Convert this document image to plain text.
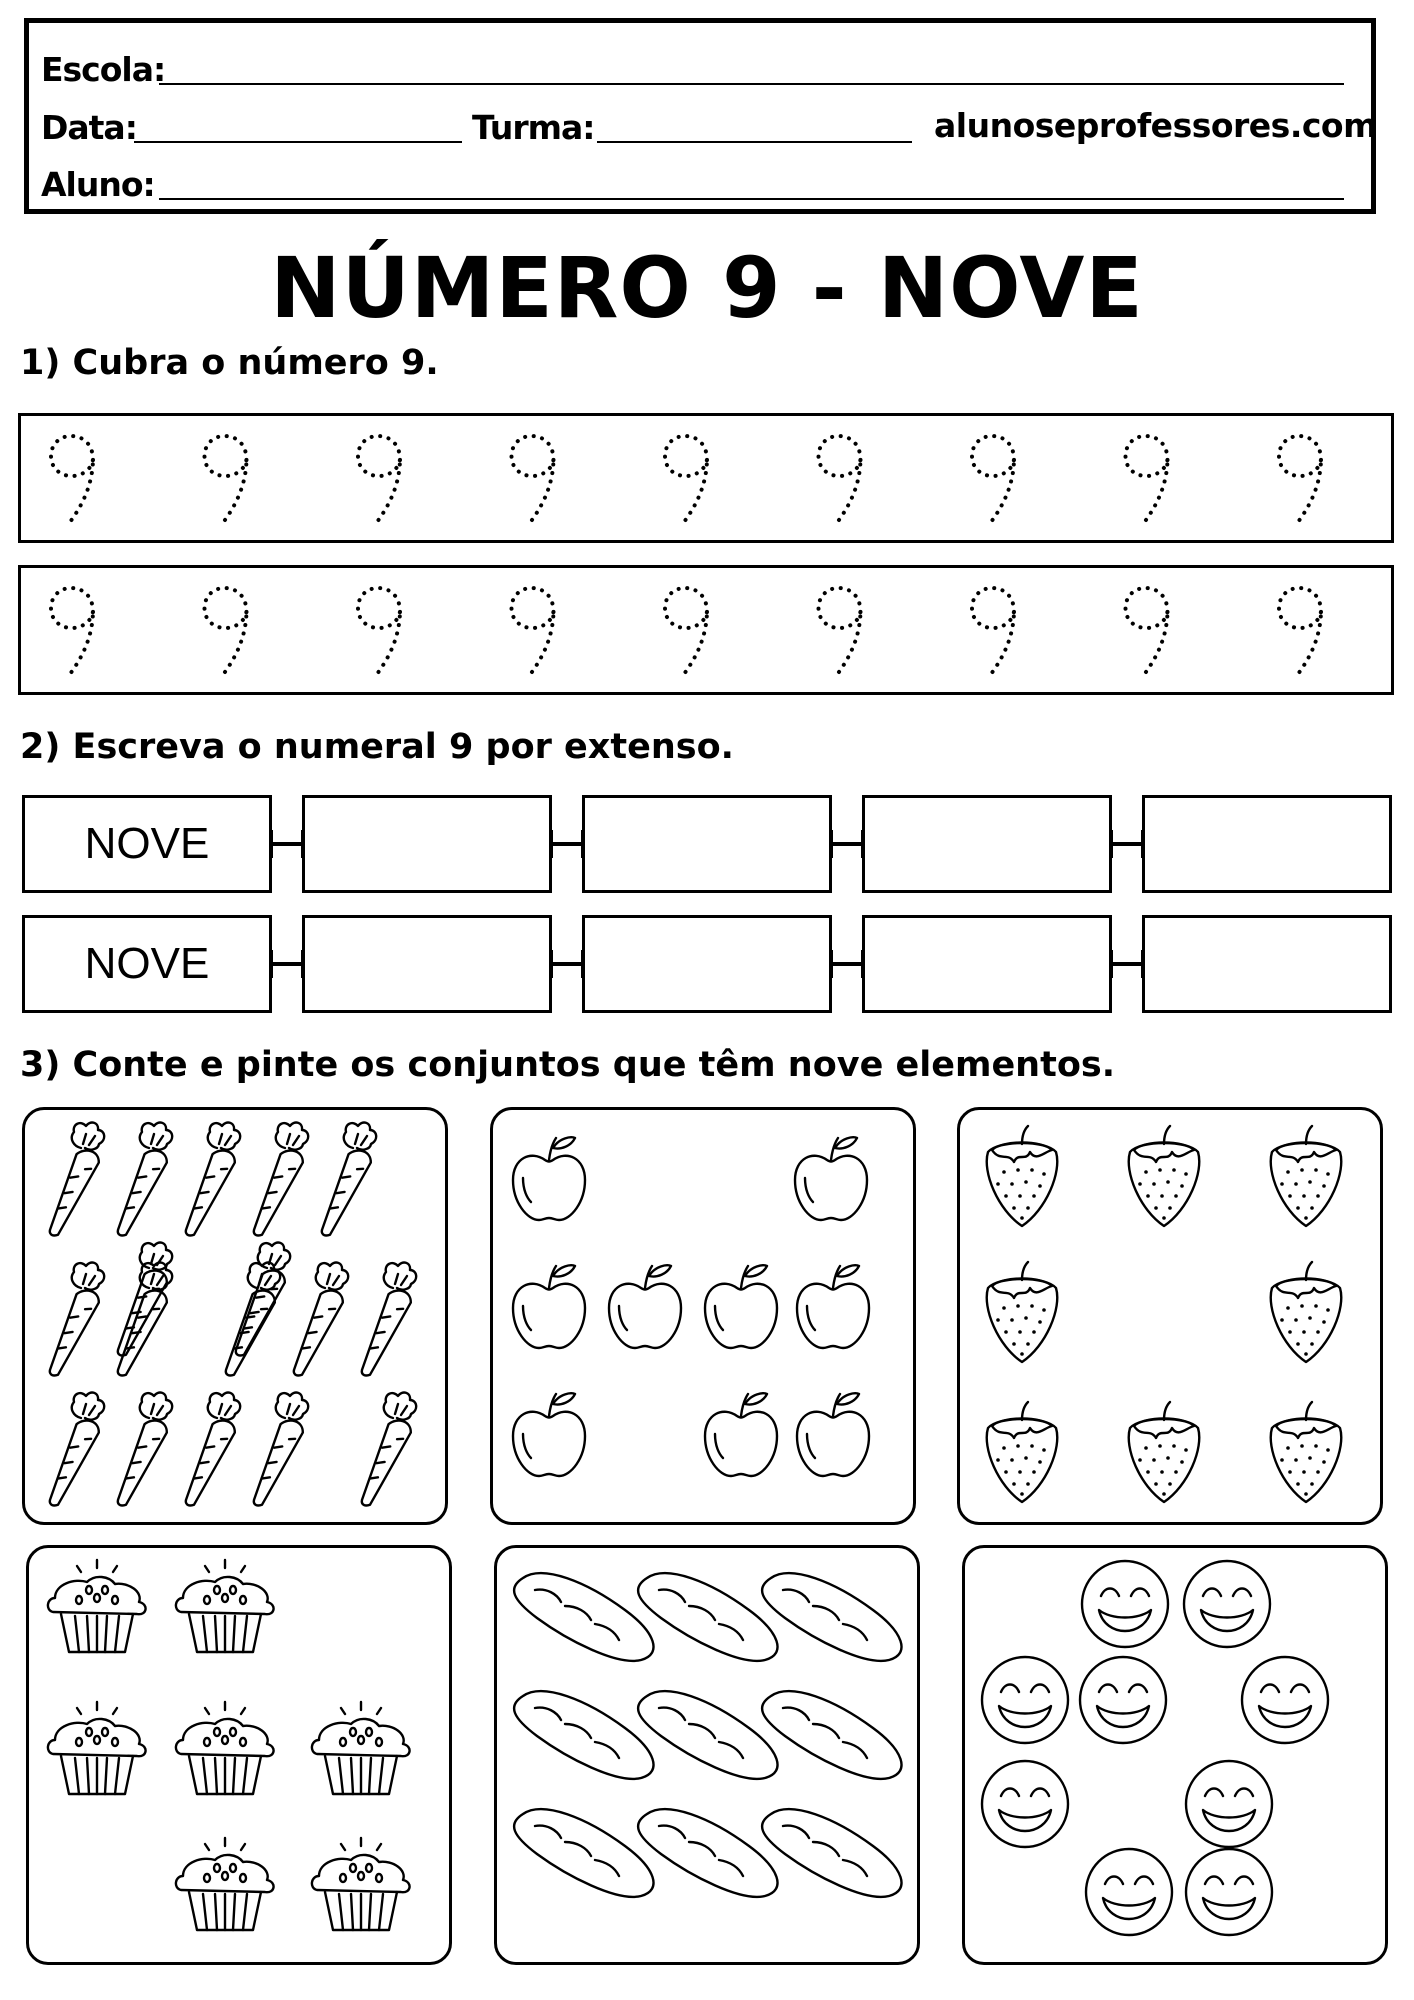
Escola:
Data:	Turma:	alunoseprofessores.com
Aluno:
NÚMERO 9 - NOVE
1) Cubra o número 9.
2) Escreva o numeral 9 por extenso.
NOVE
NOVE
3) Conte e pinte os conjuntos que têm nove elementos.
